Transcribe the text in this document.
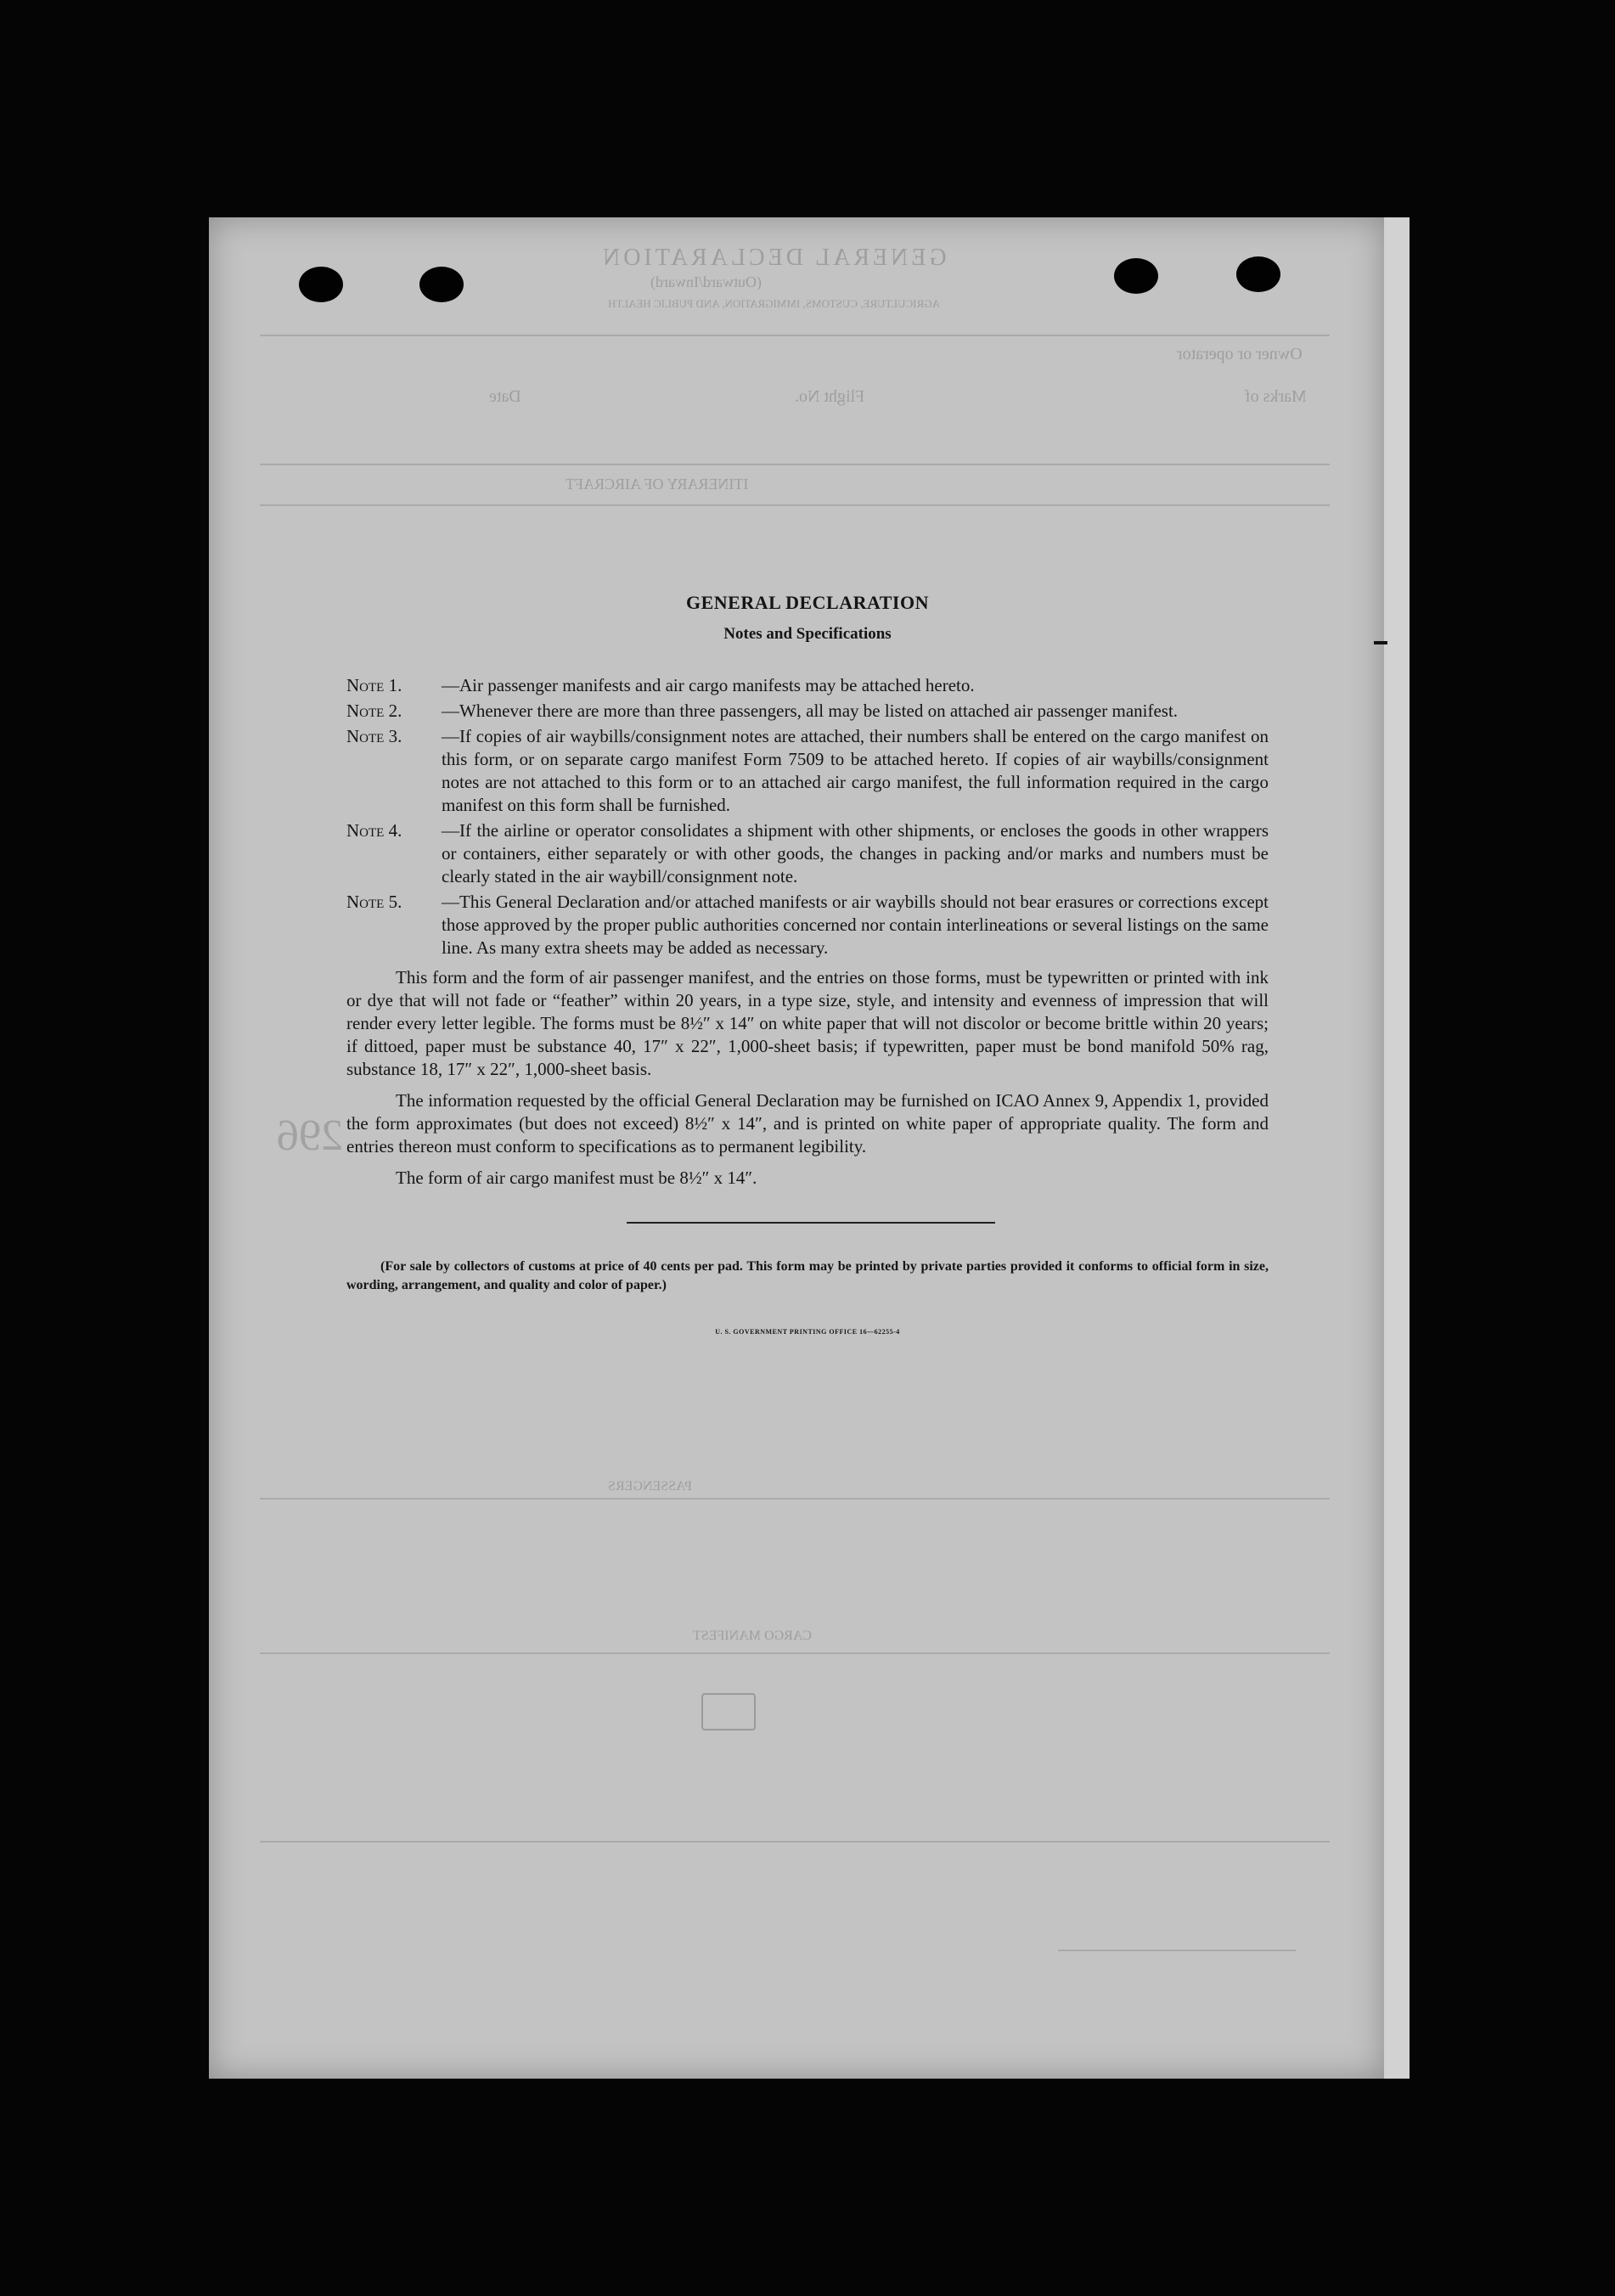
GENERAL DECLARATION
(Outward/Inward)
AGRICULTURE, CUSTOMS, IMMIGRATION, AND PUBLIC HEALTH
Owner or operator
Flight No.
Date	Marks of
ITINERARY OF AIRCRAFT
PASSENGERS
CARGO MANIFEST
296
GENERAL DECLARATION
Notes and Specifications
Note 1.	—Air passenger manifests and air cargo manifests may be attached hereto.
Note 2.	—Whenever there are more than three passengers, all may be listed on attached air passenger manifest.
Note 3.	—If copies of air waybills/consignment notes are attached, their numbers shall be entered on the cargo manifest on this form, or on separate cargo manifest Form 7509 to be attached hereto. If copies of air waybills/consignment notes are not attached to this form or to an attached air cargo manifest, the full information required in the cargo manifest on this form shall be furnished.
Note 4.	—If the airline or operator consolidates a shipment with other shipments, or encloses the goods in other wrappers or containers, either separately or with other goods, the changes in packing and/or marks and numbers must be clearly stated in the air waybill/consignment note.
Note 5.	—This General Declaration and/or attached manifests or air waybills should not bear erasures or corrections except those approved by the proper public authorities concerned nor contain interlineations or several listings on the same line. As many extra sheets may be added as necessary.

This form and the form of air passenger manifest, and the entries on those forms, must be typewritten or printed with ink or dye that will not fade or “feather” within 20 years, in a type size, style, and intensity and evenness of impression that will render every letter legible. The forms must be 8½″ x 14″ on white paper that will not discolor or become brittle within 20 years; if dittoed, paper must be substance 40, 17″ x 22″, 1,000-sheet basis; if typewritten, paper must be bond manifold 50% rag, substance 18, 17″ x 22″, 1,000-sheet basis.

The information requested by the official General Declaration may be furnished on ICAO Annex 9, Appendix 1, provided the form approximates (but does not exceed) 8½″ x 14″, and is printed on white paper of appropriate quality. The form and entries thereon must conform to specifications as to permanent legibility.

The form of air cargo manifest must be 8½″ x 14″.

(For sale by collectors of customs at price of 40 cents per pad. This form may be printed by private parties provided it conforms to official form in size, wording, arrangement, and quality and color of paper.)
U. S. GOVERNMENT PRINTING OFFICE 16—62255-4
